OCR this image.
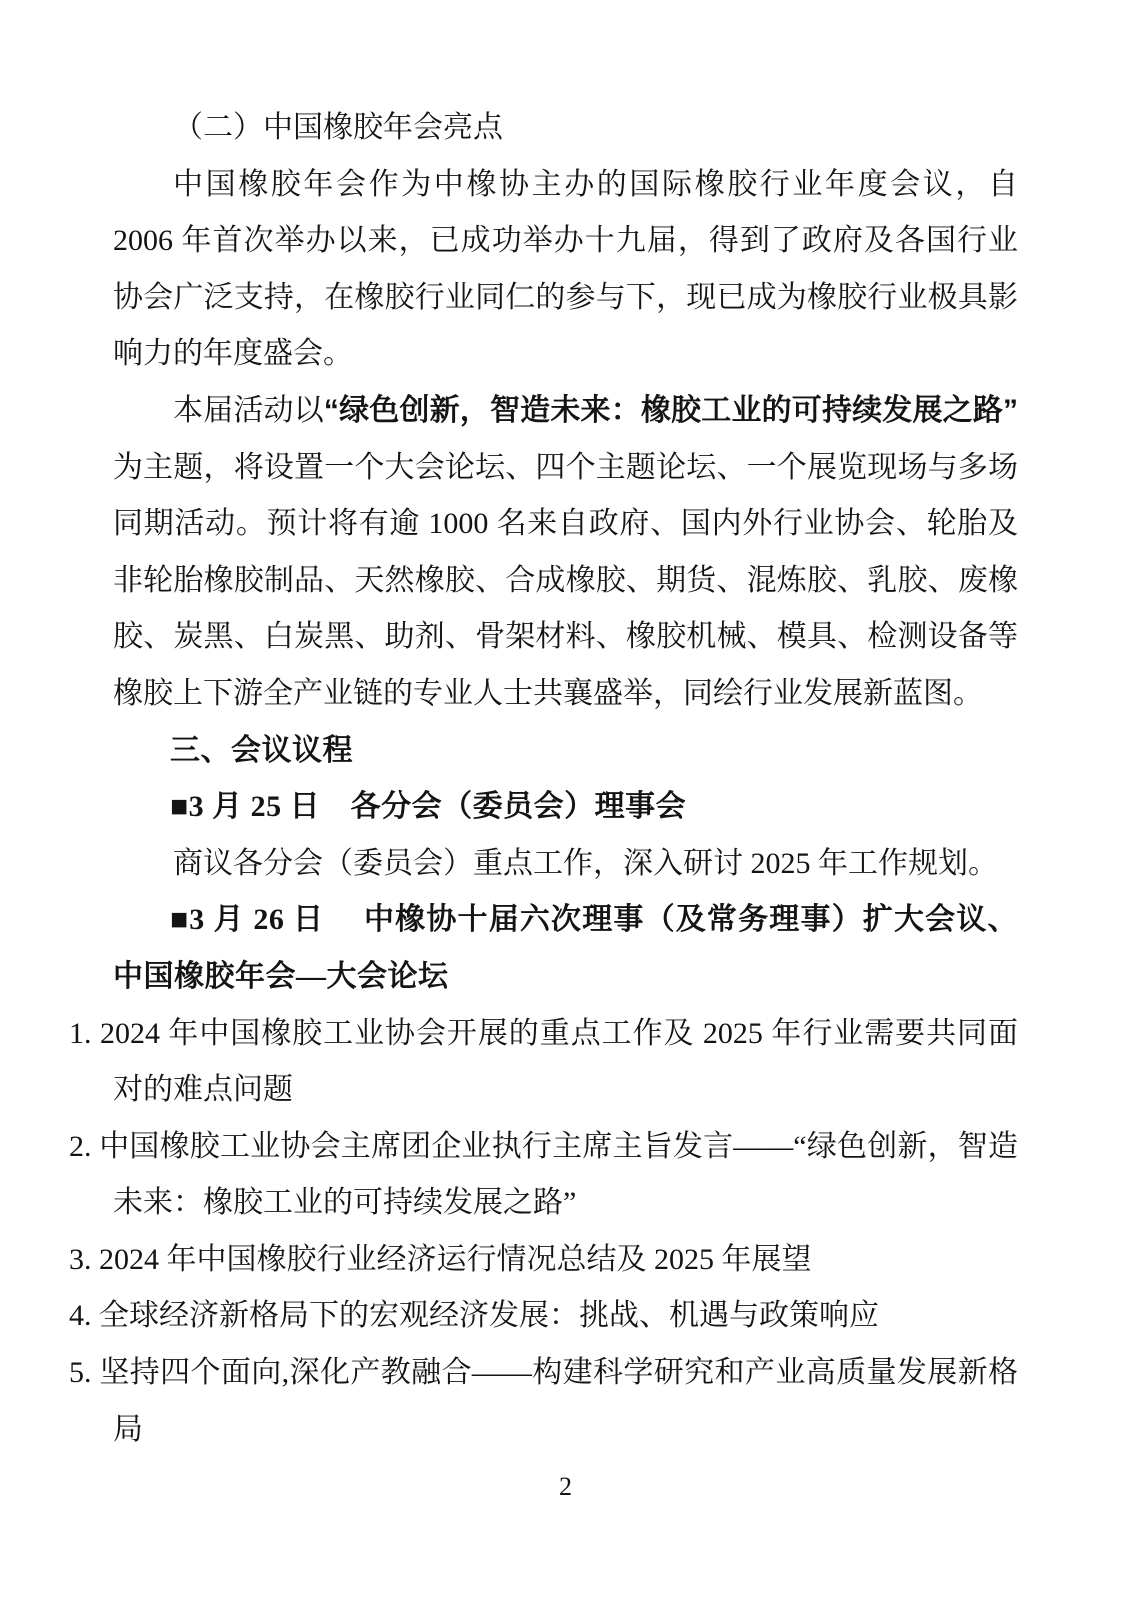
（二）中国橡胶年会亮点

中国橡胶年会作为中橡协主办的国际橡胶行业年度会议，自 2006 年首次举办以来，已成功举办十九届，得到了政府及各国行业协会广泛支持，在橡胶行业同仁的参与下，现已成为橡胶行业极具影响力的年度盛会。

本届活动以“绿色创新，智造未来：橡胶工业的可持续发展之路”为主题，将设置一个大会论坛、四个主题论坛、一个展览现场与多场同期活动。预计将有逾 1000 名来自政府、国内外行业协会、轮胎及非轮胎橡胶制品、天然橡胶、合成橡胶、期货、混炼胶、乳胶、废橡胶、炭黑、白炭黑、助剂、骨架材料、橡胶机械、模具、检测设备等橡胶上下游全产业链的专业人士共襄盛举，同绘行业发展新蓝图。

三、会议议程

■3 月 25 日　各分会（委员会）理事会

商议各分会（委员会）重点工作，深入研讨 2025 年工作规划。

■3 月 26 日　 中橡协十届六次理事（及常务理事）扩大会议、中国橡胶年会—大会论坛

1. 2024 年中国橡胶工业协会开展的重点工作及 2025 年行业需要共同面对的难点问题
2. 中国橡胶工业协会主席团企业执行主席主旨发言——“绿色创新，智造未来：橡胶工业的可持续发展之路”
3. 2024 年中国橡胶行业经济运行情况总结及 2025 年展望
4. 全球经济新格局下的宏观经济发展：挑战、机遇与政策响应
5. 坚持四个面向,深化产教融合——构建科学研究和产业高质量发展新格局
2
